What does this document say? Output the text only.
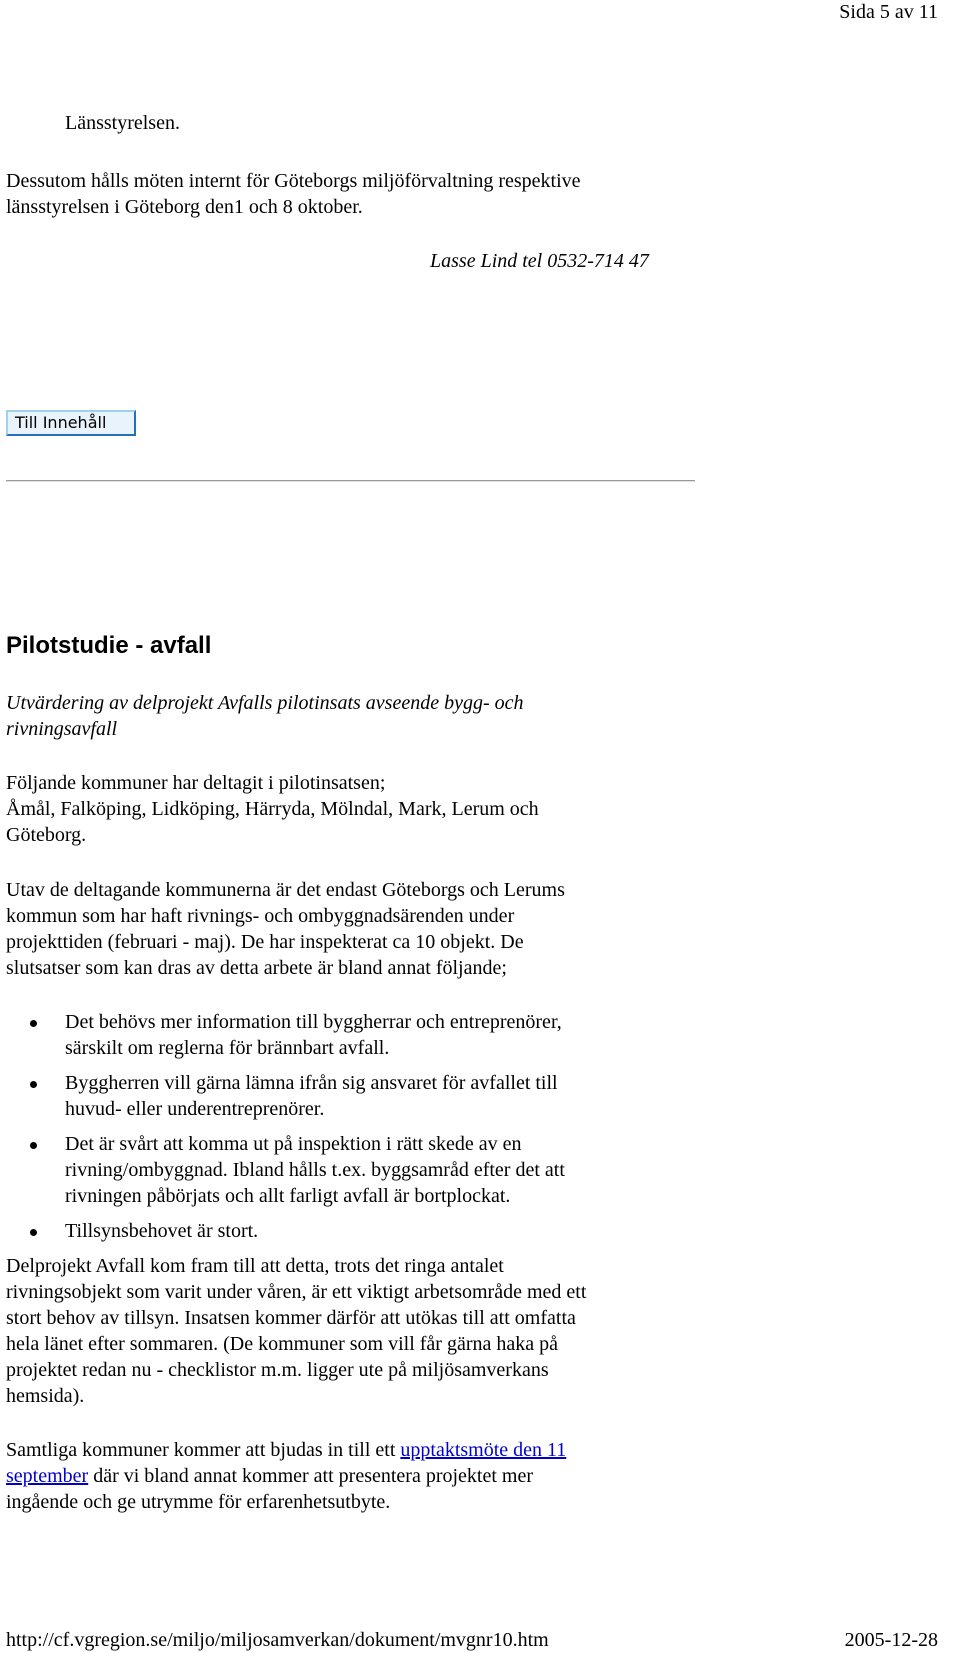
Sida 5 av 11
Länsstyrelsen.
Dessutom hålls möten internt för Göteborgs miljöförvaltning respektive
länsstyrelsen i Göteborg den1 och 8 oktober.
Lasse Lind tel 0532-714 47
Till Innehåll
Pilotstudie - avfall
Utvärdering av delprojekt Avfalls pilotinsats avseende bygg- och
rivningsavfall
Följande kommuner har deltagit i pilotinsatsen;
Åmål, Falköping, Lidköping, Härryda, Mölndal, Mark, Lerum och
Göteborg.
Utav de deltagande kommunerna är det endast Göteborgs och Lerums
kommun som har haft rivnings- och ombyggnadsärenden under
projekttiden (februari - maj). De har inspekterat ca 10 objekt. De
slutsatser som kan dras av detta arbete är bland annat följande;
Det behövs mer information till byggherrar och entreprenörer,
särskilt om reglerna för brännbart avfall.
Byggherren vill gärna lämna ifrån sig ansvaret för avfallet till
huvud- eller underentreprenörer.
Det är svårt att komma ut på inspektion i rätt skede av en
rivning/ombyggnad. Ibland hålls t.ex. byggsamråd efter det att
rivningen påbörjats och allt farligt avfall är bortplockat.
Tillsynsbehovet är stort.
Delprojekt Avfall kom fram till att detta, trots det ringa antalet
rivningsobjekt som varit under våren, är ett viktigt arbetsområde med ett
stort behov av tillsyn. Insatsen kommer därför att utökas till att omfatta
hela länet efter sommaren. (De kommuner som vill får gärna haka på
projektet redan nu - checklistor m.m. ligger ute på miljösamverkans
hemsida).
Samtliga kommuner kommer att bjudas in till ett upptaktsmöte den 11
september där vi bland annat kommer att presentera projektet mer
ingående och ge utrymme för erfarenhetsutbyte.
http://cf.vgregion.se/miljo/miljosamverkan/dokument/mvgnr10.htm	2005-12-28
